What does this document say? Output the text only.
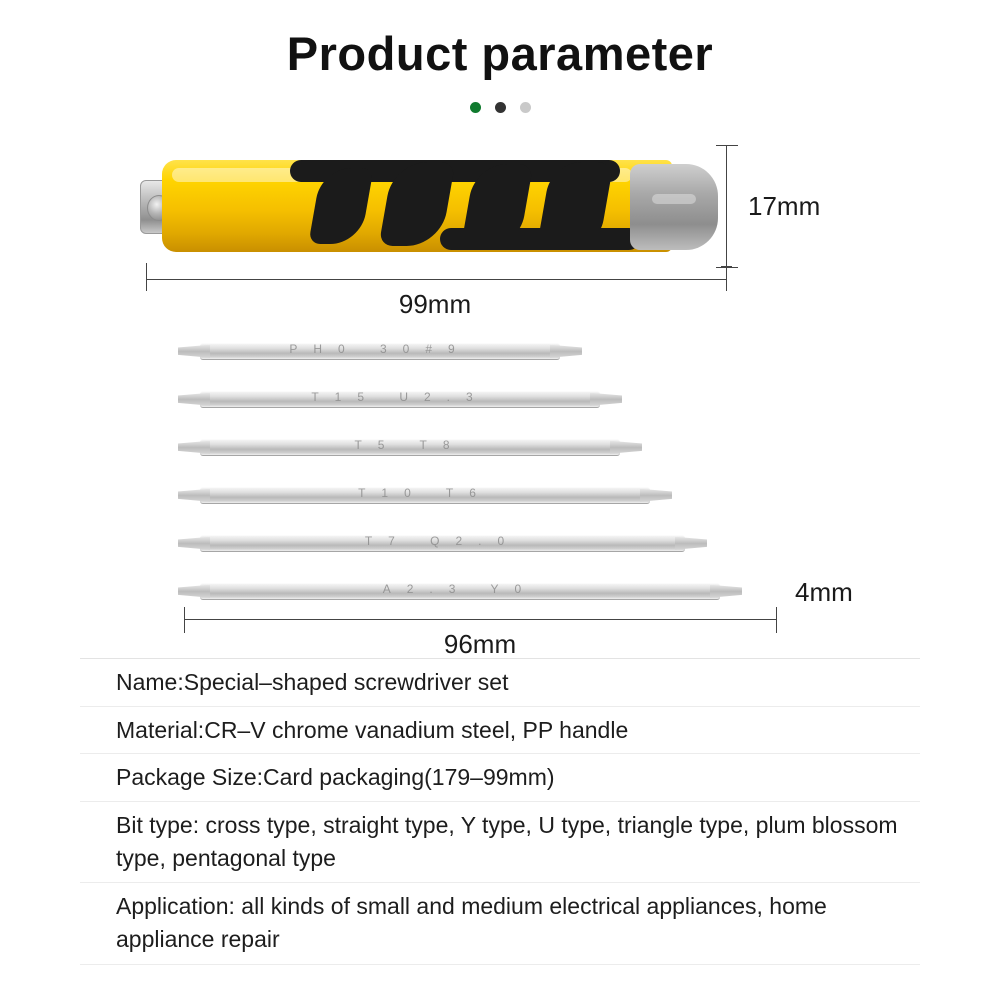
Product parameter
17mm
99mm
PH0 30#9
T15 U2.3
T5 T8
T10 T6
T7 Q2.0
A2.3 Y0	4mm
96mm
Name:Special–shaped screwdriver set
Material:CR–V chrome vanadium steel, PP handle
Package Size:Card packaging(179–99mm)
Bit type: cross type, straight type, Y type, U type, triangle type, plum blossom type, pentagonal type
Application: all kinds of small and medium electrical appliances, home appliance repair
